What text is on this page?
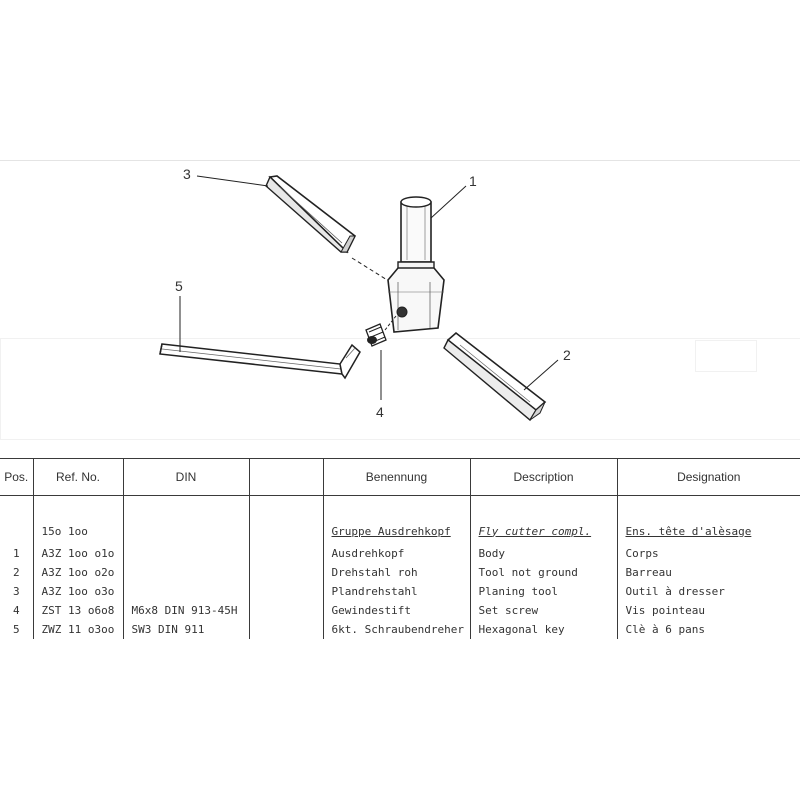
1
2
3
4
5
Pos.	Ref. No.	DIN		Benennung	Description	Designation

	15o 1oo			Gruppe Ausdrehkopf	Fly cutter compl.	Ens. tête d'alèsage
1	A3Z 1oo o1o			Ausdrehkopf	Body	Corps
2	A3Z 1oo o2o			Drehstahl roh	Tool not ground	Barreau
3	A3Z 1oo o3o			Plandrehstahl	Planing tool	Outil à dresser
4	ZST 13 o6o8	M6x8 DIN 913-45H		Gewindestift	Set screw	Vis pointeau
5	ZWZ 11 o3oo	SW3 DIN 911		6kt. Schraubendreher	Hexagonal key	Clè à 6 pans
